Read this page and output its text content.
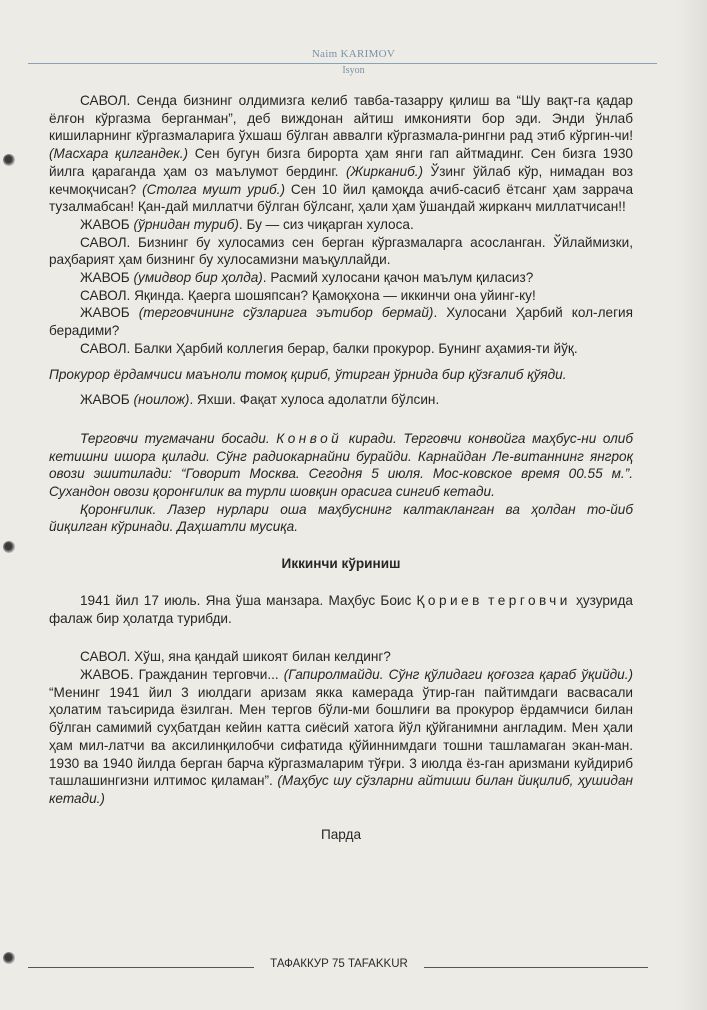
Naim KARIMOV
Isyon

САВОЛ. Сенда бизнинг олдимизга келиб тавба-тазарру қилиш ва “Шу вақт-га қадар ёлғон кўргазма берганман”, деб виждонан айтиш имконияти бор эди. Энди ўнлаб кишиларнинг кўргазмаларига ўхшаш бўлган аввалги кўргазмала-рингни рад этиб кўргин-чи! (Масхара қилгандек.) Сен бугун бизга бирорта ҳам янги гап айтмадинг. Сен бизга 1930 йилга қараганда ҳам оз маълумот бердинг. (Жирканиб.) Ўзинг ўйлаб кўр, нимадан воз кечмоқчисан? (Столга мушт уриб.) Сен 10 йил қамоқда ачиб-сасиб ётсанг ҳам заррача тузалмабсан! Қан-дай миллатчи бўлган бўлсанг, ҳали ҳам ўшандай жирканч миллатчисан!!

ЖАВОБ (ўрнидан туриб). Бу — сиз чиқарган хулоса.

САВОЛ. Бизнинг бу хулосамиз сен берган кўргазмаларга асосланган. Ўйлаймизки, раҳбарият ҳам бизнинг бу хулосамизни маъқуллайди.

ЖАВОБ (умидвор бир ҳолда). Расмий хулосани қачон маълум қиласиз?

САВОЛ. Яқинда. Қаерга шошяпсан? Қамоқхона — иккинчи она уйинг-ку!

ЖАВОБ (терговчининг сўзларига эътибор бермай). Хулосани Ҳарбий кол-легия берадими?

САВОЛ. Балки Ҳарбий коллегия берар, балки прокурор. Бунинг аҳамия-ти йўқ.

Прокурор ёрдамчиси маъноли томоқ қириб, ўтирган ўрнида бир қўзғалиб қўяди.

ЖАВОБ (ноилож). Яхши. Фақат хулоса адолатли бўлсин.

Терговчи тугмачани босади. Конвой киради. Терговчи конвойга маҳбус-ни олиб кетишни ишора қилади. Сўнг радиокарнайни бурайди. Карнайдан Ле-витаннинг янгроқ овози эшитилади: “Говорит Москва. Сегодня 5 июля. Мос-ковское время 00.55 м.”. Сухандон овози қоронғилик ва турли шовқин орасига сингиб кетади.

Қоронғилик. Лазер нурлари оша маҳбуснинг калтакланган ва ҳолдан то-йиб йиқилган кўринади. Даҳшатли мусиқа.

Иккинчи кўриниш

1941 йил 17 июль. Яна ўша манзара. Маҳбус Боис Қориев терговчи ҳузурида фалаж бир ҳолатда турибди.

САВОЛ. Хўш, яна қандай шикоят билан келдинг?

ЖАВОБ. Гражданин терговчи... (Гапиролмайди. Сўнг қўлидаги қоғозга қараб ўқийди.) “Менинг 1941 йил 3 июлдаги аризам якка камерада ўтир-ган пайтимдаги васвасали ҳолатим таъсирида ёзилган. Мен тергов бўли-ми бошлиғи ва прокурор ёрдамчиси билан бўлган самимий суҳбатдан кейин катта сиёсий хатога йўл қўйганимни англадим. Мен ҳали ҳам мил-латчи ва аксилинқилобчи сифатида қўйиннимдаги тошни ташламаган экан-ман. 1930 ва 1940 йилда берган барча кўргазмаларим тўғри. 3 июлда ёз-ган аризмани куйдириб ташлашингизни илтимос қиламан”. (Маҳбус шу сўзларни айтиши билан йиқилиб, ҳушидан кетади.)

Парда

ТАФАККУР 75 TAFAKKUR
